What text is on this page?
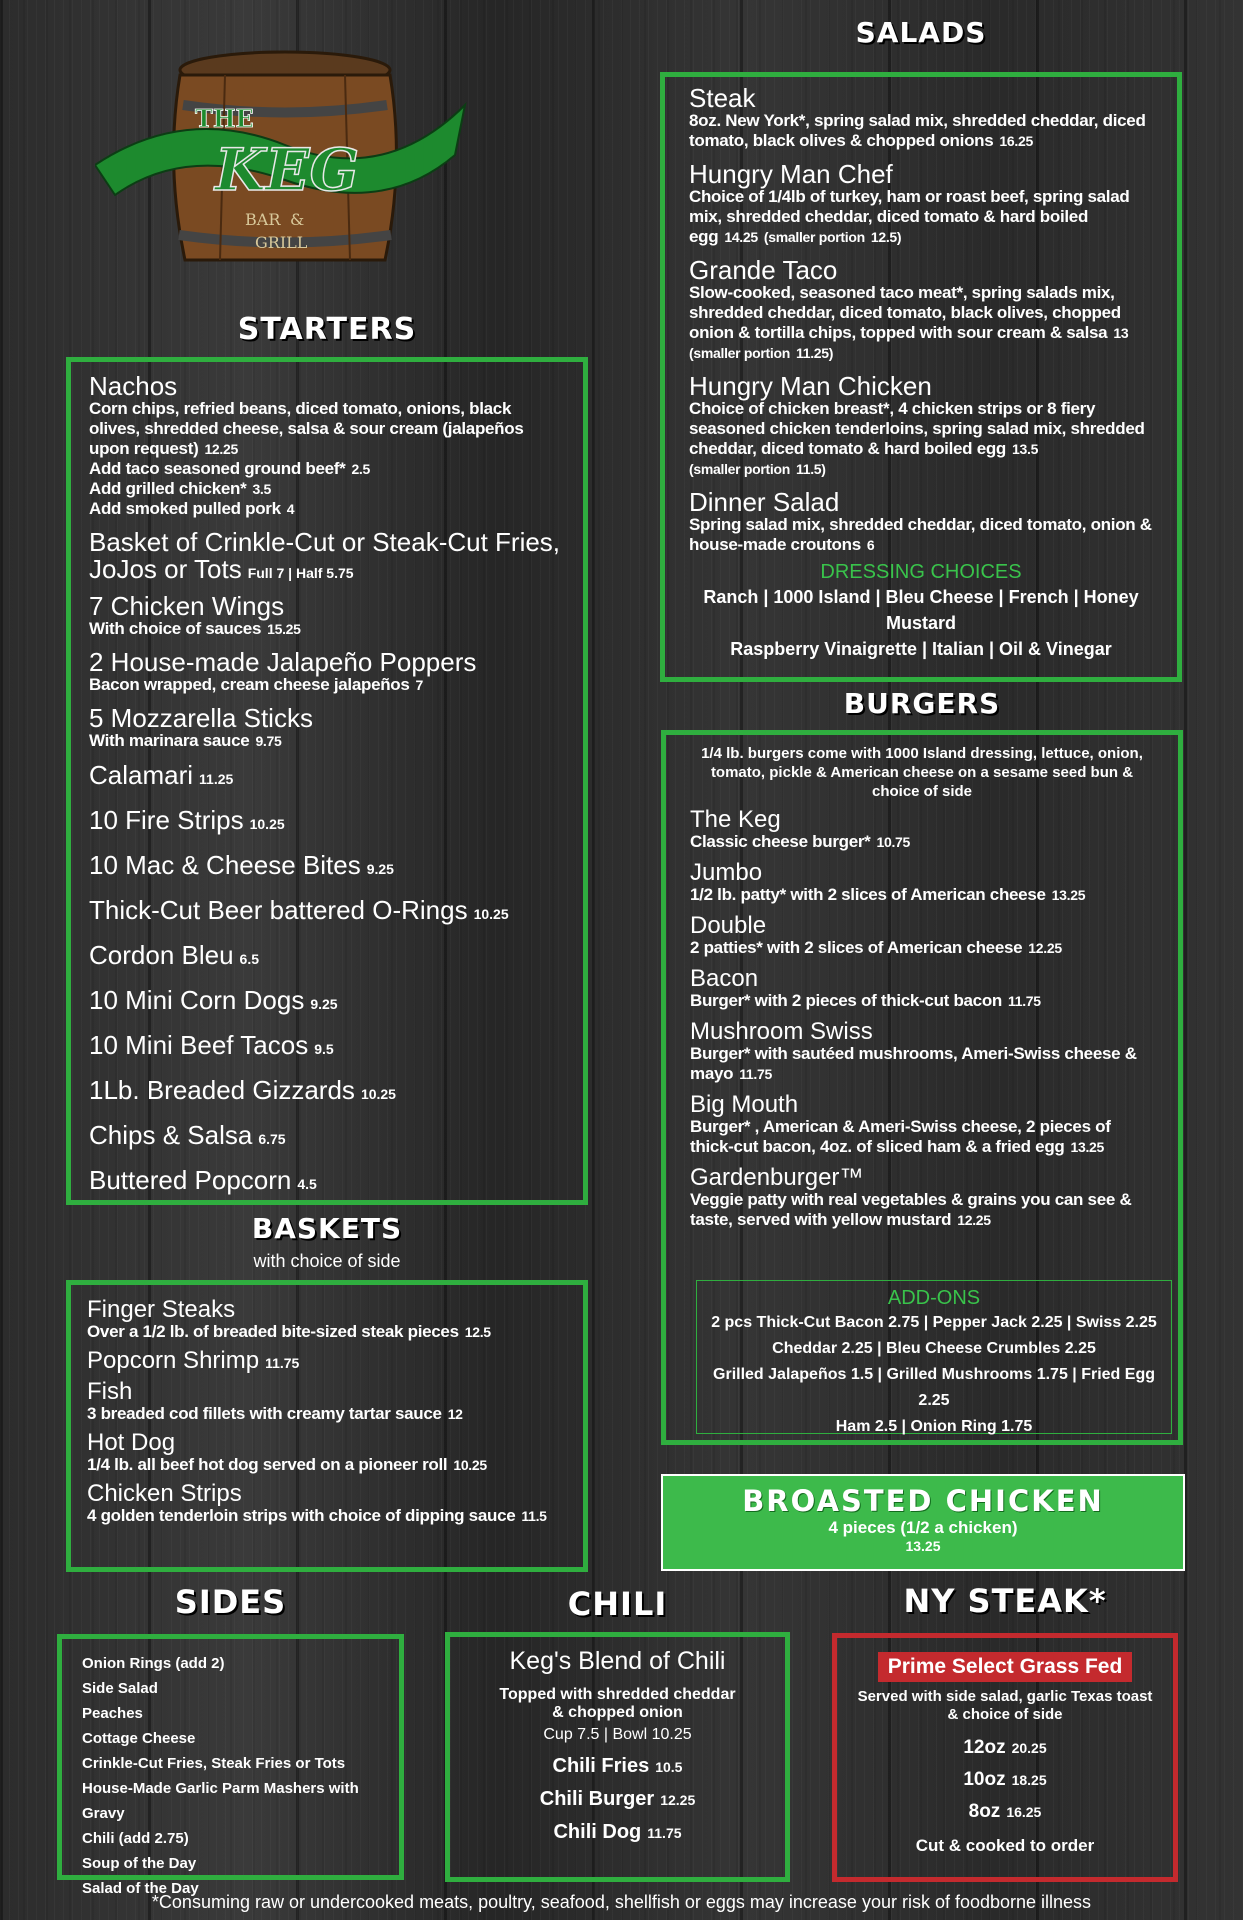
THE
KEG
BAR &
GRILL
STARTERS
Nachos
Corn chips, refried beans, diced tomato, onions, black olives, shredded cheese, salsa & sour cream (jalapeños upon request) 12.25
Add taco seasoned ground beef* 2.5
Add grilled chicken* 3.5
Add smoked pulled pork 4
Basket of Crinkle-Cut or Steak-Cut Fries, JoJos or Tots Full 7 | Half 5.75
7 Chicken Wings
With choice of sauces 15.25
2 House-made Jalapeño Poppers
Bacon wrapped, cream cheese jalapeños 7
5 Mozzarella Sticks
With marinara sauce 9.75
Calamari 11.25
10 Fire Strips 10.25
10 Mac & Cheese Bites 9.25
Thick-Cut Beer battered O-Rings 10.25
Cordon Bleu 6.5
10 Mini Corn Dogs 9.25
10 Mini Beef Tacos 9.5
1Lb. Breaded Gizzards 10.25
Chips & Salsa 6.75
Buttered Popcorn 4.5
BASKETS
with choice of side
Finger Steaks
Over a 1/2 lb. of breaded bite-sized steak pieces 12.5
Popcorn Shrimp 11.75
Fish
3 breaded cod fillets with creamy tartar sauce 12
Hot Dog
1/4 lb. all beef hot dog served on a pioneer roll 10.25
Chicken Strips
4 golden tenderloin strips with choice of dipping sauce 11.5
SALADS
Steak
8oz. New York*, spring salad mix, shredded cheddar, diced tomato, black olives & chopped onions 16.25
Hungry Man Chef
Choice of 1/4lb of turkey, ham or roast beef, spring salad mix, shredded cheddar, diced tomato & hard boiled egg 14.25 (smaller portion 12.5)
Grande Taco
Slow-cooked, seasoned taco meat*, spring salads mix, shredded cheddar, diced tomato, black olives, chopped onion & tortilla chips, topped with sour cream & salsa 13
(smaller portion 11.25)
Hungry Man Chicken
Choice of chicken breast*, 4 chicken strips or 8 fiery seasoned chicken tenderloins, spring salad mix, shredded cheddar, diced tomato & hard boiled egg 13.5
(smaller portion 11.5)
Dinner Salad
Spring salad mix, shredded cheddar, diced tomato, onion & house-made croutons 6
DRESSING CHOICES
Ranch | 1000 Island | Bleu Cheese | French | Honey Mustard
Raspberry Vinaigrette | Italian | Oil & Vinegar
BURGERS
1/4 lb. burgers come with 1000 Island dressing, lettuce, onion, tomato, pickle & American cheese on a sesame seed bun & choice of side
The Keg
Classic cheese burger* 10.75
Jumbo
1/2 lb. patty* with 2 slices of American cheese 13.25
Double
2 patties* with 2 slices of American cheese 12.25
Bacon
Burger* with 2 pieces of thick-cut bacon 11.75
Mushroom Swiss
Burger* with sautéed mushrooms, Ameri-Swiss cheese & mayo 11.75
Big Mouth
Burger* , American & Ameri-Swiss cheese, 2 pieces of thick-cut bacon, 4oz. of sliced ham & a fried egg 13.25
Gardenburger™
Veggie patty with real vegetables & grains you can see & taste, served with yellow mustard 12.25
ADD-ONS
2 pcs Thick-Cut Bacon 2.75 | Pepper Jack 2.25 | Swiss 2.25
Cheddar 2.25 | Bleu Cheese Crumbles 2.25
Grilled Jalapeños 1.5 | Grilled Mushrooms 1.75 | Fried Egg 2.25
Ham 2.5 | Onion Ring 1.75
BROASTED CHICKEN
4 pieces (1/2 a chicken)
13.25
SIDES
Onion Rings (add 2)
Side Salad
Peaches
Cottage Cheese
Crinkle-Cut Fries, Steak Fries or Tots
House-Made Garlic Parm Mashers with Gravy
Chili (add 2.75)
Soup of the Day
Salad of the Day
CHILI
Keg's Blend of Chili
Topped with shredded cheddar
& chopped onion
Cup 7.5 | Bowl 10.25
Chili Fries 10.5
Chili Burger 12.25
Chili Dog 11.75
NY STEAK*
Prime Select Grass Fed
Served with side salad, garlic Texas toast
& choice of side
12oz 20.25
10oz 18.25
8oz 16.25
Cut & cooked to order
*Consuming raw or undercooked meats, poultry, seafood, shellfish or eggs may increase your risk of foodborne illness
